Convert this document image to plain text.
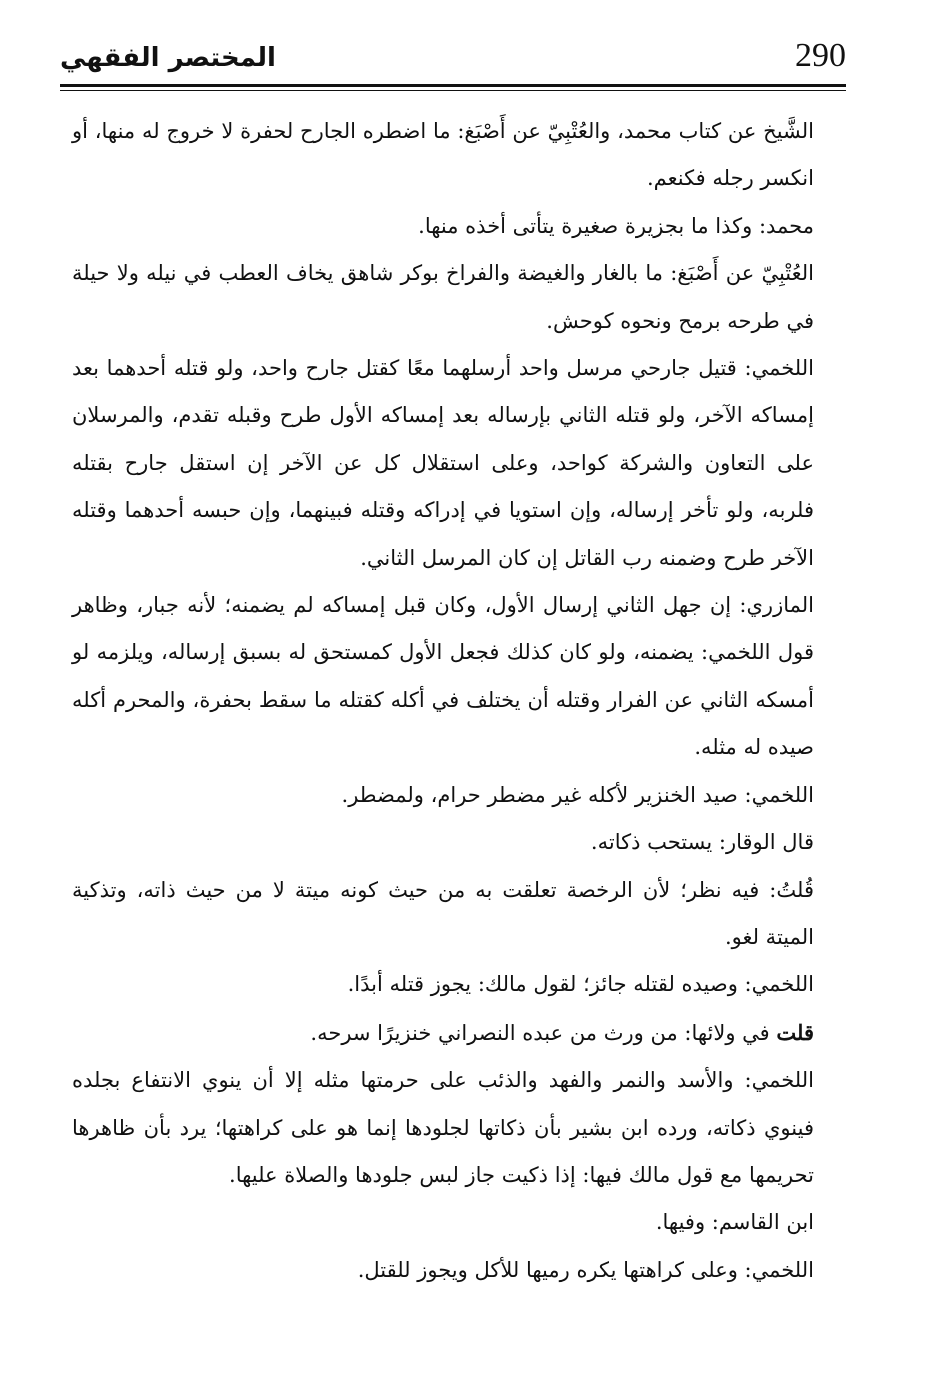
290
المختصر الفقهي

الشَّيخ عن كتاب محمد، والعُتْبِيّ عن أَصْبَغ: ما اضطره الجارح لحفرة لا خروج له منها، أو انكسر رجله فكنعم.

محمد: وكذا ما بجزيرة صغيرة يتأتى أخذه منها.

العُتْبِيّ عن أَصْبَغ: ما بالغار والغيضة والفراخ بوكر شاهق يخاف العطب في نيله ولا حيلة في طرحه برمح ونحوه كوحش.

اللخمي: قتيل جارحي مرسل واحد أرسلهما معًا كقتل جارح واحد، ولو قتله أحدهما بعد إمساكه الآخر، ولو قتله الثاني بإرساله بعد إمساكه الأول طرح وقبله تقدم، والمرسلان على التعاون والشركة كواحد، وعلى استقلال كل عن الآخر إن استقل جارح بقتله فلربه، ولو تأخر إرساله، وإن استويا في إدراكه وقتله فبينهما، وإن حبسه أحدهما وقتله الآخر طرح وضمنه رب القاتل إن كان المرسل الثاني.

المازري: إن جهل الثاني إرسال الأول، وكان قبل إمساكه لم يضمنه؛ لأنه جبار، وظاهر قول اللخمي: يضمنه، ولو كان كذلك فجعل الأول كمستحق له بسبق إرساله، ويلزمه لو أمسكه الثاني عن الفرار وقتله أن يختلف في أكله كقتله ما سقط بحفرة، والمحرم أكله صيده له مثله.

اللخمي: صيد الخنزير لأكله غير مضطر حرام، ولمضطر.

قال الوقار: يستحب ذكاته.

قُلتُ: فيه نظر؛ لأن الرخصة تعلقت به من حيث كونه ميتة لا من حيث ذاته، وتذكية الميتة لغو.

اللخمي: وصيده لقتله جائز؛ لقول مالك: يجوز قتله أبدًا.

قلت في ولائها: من ورث من عبده النصراني خنزيرًا سرحه.

اللخمي: والأسد والنمر والفهد والذئب على حرمتها مثله إلا أن ينوي الانتفاع بجلده فينوي ذكاته، ورده ابن بشير بأن ذكاتها لجلودها إنما هو على كراهتها؛ يرد بأن ظاهرها تحريمها مع قول مالك فيها: إذا ذكيت جاز لبس جلودها والصلاة عليها.

ابن القاسم: وفيها.

اللخمي: وعلى كراهتها يكره رميها للأكل ويجوز للقتل.
